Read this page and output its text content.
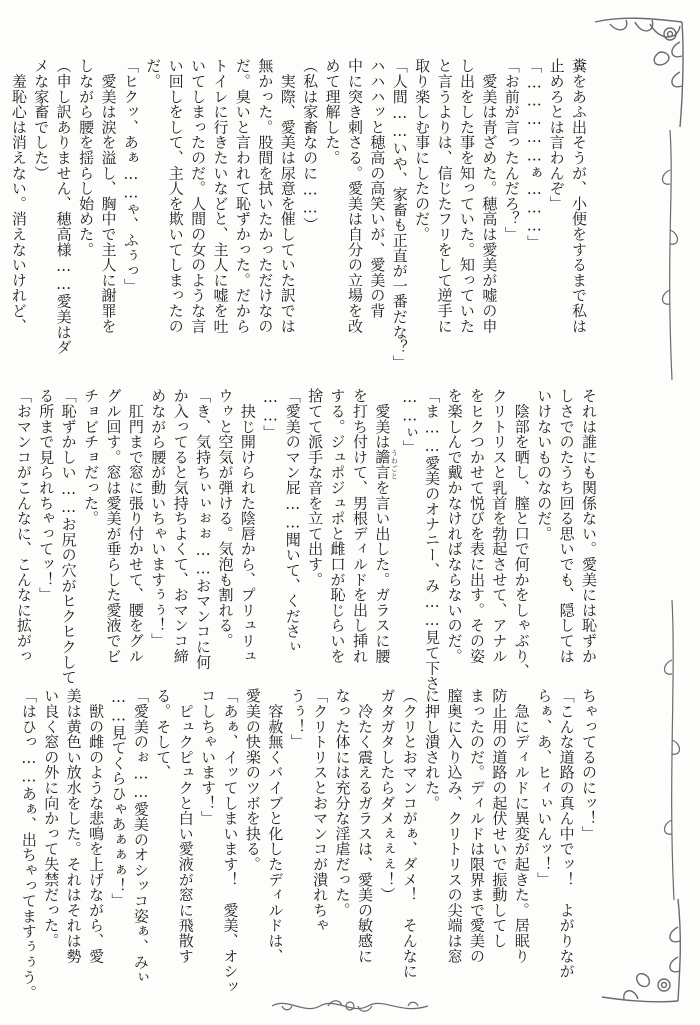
糞をあふ出そうが、小便をするまで私は

止めろとは言わんぞ」

「……………ぁ………」

「お前が言ったんだろ？」

　愛美は青ざめた。穂高は愛美が嘘の申

し出をした事を知っていた。知っていた

と言うよりは、信じたフリをして逆手に

取り楽しむ事にしたのだ。

「人間……いや、家畜も正直が一番だな？」

ハハハッと穂高の高笑いが、愛美の背

中に突き刺さる。愛美は自分の立場を改

めて理解した。

（私は家畜なのに……）

　実際、愛美は尿意を催していた訳では

無かった。股間を拭いたかっただけなの

だ。臭いと言われて恥ずかった。だから

トイレに行きたいなどと、主人に嘘を吐

いてしまったのだ。人間の女のような言

い回しをして、主人を欺いてしまったの

だ。

「ヒクッ、あぁ……ゃ、ふぅっ」

　愛美は涙を溢し、胸中で主人に謝罪を

しながら腰を揺らし始めた。

（申し訳ありません、穂高様……愛美はダ

メな家畜でした）

　羞恥心は消えない。消えないけれど、

それは誰にも関係ない。愛美には恥ずか

しさでのたうち回る思いでも、隠しては

いけないものなのだ。

　陰部を晒し、膣と口で何かをしゃぶり、

クリトリスと乳首を勃起させて、アナル

をヒクつかせて悦びを表に出す。その姿

を楽しんで戴かなければならないのだ。

「ま……愛美のオナニー、み……見て下さ

……ぃ」

　愛美は譫言 うわごとを言い出した。ガラスに腰

を打ち付けて、男根ディルドを出し挿れ

する。ジュポジュポと雌口が恥じらいを

捨てて派手な音を立て出す。

「愛美のマン屁……聞いて、くださぃ

……」

　抉じ開けられた陰唇から、プリュリュ

ウゥと空気が弾ける。気泡も割れる。

「き、気持ちぃぃぉぉ……おマンコに何

か入ってると気持ちよくて、おマンコ締

めながら腰が動いちゃいますぅぅ！」

　肛門まで窓に張り付かせて、腰をグル

グル回す。窓は愛美が垂らした愛液でビ

チョビチョだった。

「恥ずかしい……お尻の穴がヒクヒクして

る所まで見られちゃってッ！」

「おマンコがこんなに、こんなに拡がっ

ちゃってるのにッ！」

「こんな道路の真ん中でッ！　よがりなが

らぁ、あ、ヒィぃいんッ！」

　急にディルドに異変が起きた。居眠り

防止用の道路の起伏せいで振動してし

まったのだ。ディルドは限界まで愛美の

膣奥に入り込み、クリトリスの尖端は窓

に押し潰された。

（クリとおマンコがぁ、ダメ！　そんなに

ガタガタしたらダメぇぇぇ！）

　冷たく震えるガラスは、愛美の敏感に

なった体には充分な淫虐だった。

「クリトリスとおマンコが潰れちゃ

うぅ！」

　容赦無くバイブと化したディルドは、

愛美の快楽のツボを抉る。

「あぁ、イッてしまいます！　愛美、オシッ

コしちゃいます！」

　ピュクピュクと白い愛液が窓に飛散す

る。そして、

「愛美のぉ……愛美のオシッコ姿ぁ、みぃ

……見てくらひゃあぁぁぁ！」

　獣の雌のような悲鳴を上げながら、愛

美は黄色い放水をした。それはそれは勢

い良く窓の外に向かって失禁だった。

「はひっ……あぁ、出ちゃってますぅぅう。
